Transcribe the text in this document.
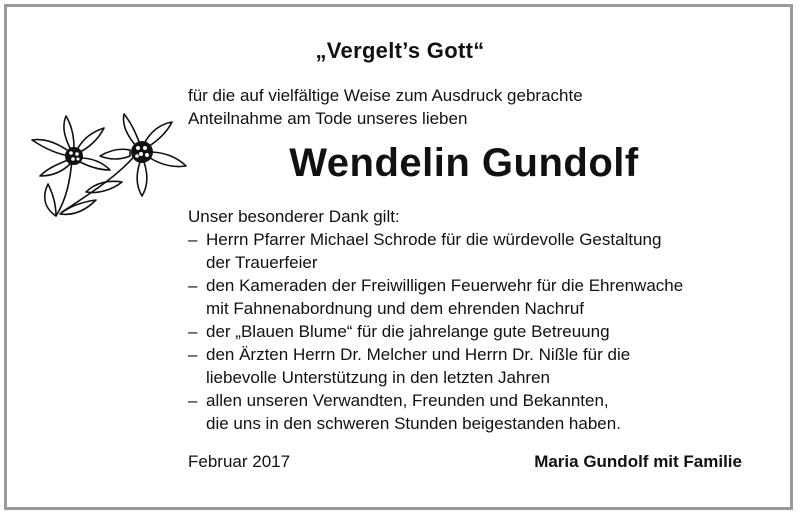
„Vergelt’s Gott“
für die auf vielfältige Weise zum Ausdruck gebrachte
Anteilnahme am Tode unseres lieben
Wendelin Gundolf
Unser besonderer Dank gilt:
– Herrn Pfarrer Michael Schrode für die würdevolle Gestaltung
der Trauerfeier
– den Kameraden der Freiwilligen Feuerwehr für die Ehrenwache
mit Fahnenabordnung und dem ehrenden Nachruf
– der „Blauen Blume“ für die jahrelange gute Betreuung
– den Ärzten Herrn Dr. Melcher und Herrn Dr. Nißle für die
liebevolle Unterstützung in den letzten Jahren
– allen unseren Verwandten, Freunden und Bekannten,
die uns in den schweren Stunden beigestanden haben.
Februar 2017	Maria Gundolf mit Familie
